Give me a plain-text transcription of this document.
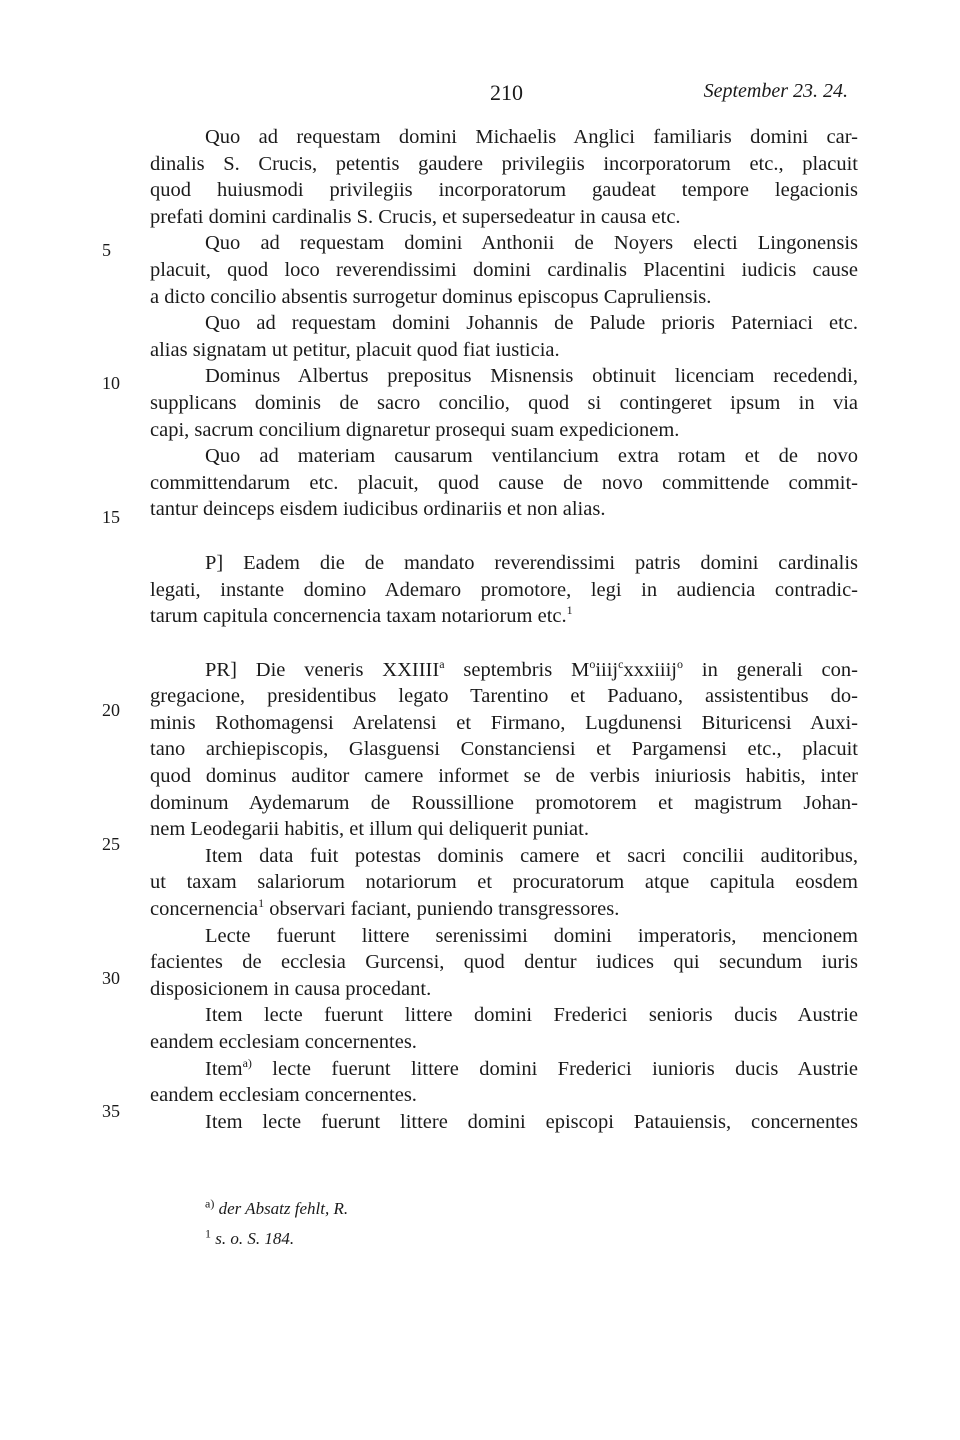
210	September 23. 24.
5
10
15
20
25
30
35
Quo ad requestam domini Michaelis Anglici familiaris domini car-
dinalis S. Crucis, petentis gaudere privilegiis incorporatorum etc., placuit
quod huiusmodi privilegiis incorporatorum gaudeat tempore legacionis
prefati domini cardinalis S. Crucis, et supersedeatur in causa etc.
Quo ad requestam domini Anthonii de Noyers electi Lingonensis
placuit, quod loco reverendissimi domini cardinalis Placentini iudicis cause
a dicto concilio absentis surrogetur dominus episcopus Capruliensis.
Quo ad requestam domini Johannis de Palude prioris Paterniaci etc.
alias signatam ut petitur, placuit quod fiat iusticia.
Dominus Albertus prepositus Misnensis obtinuit licenciam recedendi,
supplicans dominis de sacro concilio, quod si contingeret ipsum in via
capi, sacrum concilium dignaretur prosequi suam expedicionem.
Quo ad materiam causarum ventilancium extra rotam et de novo
committendarum etc. placuit, quod cause de novo committende commit-
tantur deinceps eisdem iudicibus ordinariis et non alias.
P] Eadem die de mandato reverendissimi patris domini cardinalis
legati, instante domino Ademaro promotore, legi in audiencia contradic-
tarum capitula concernencia taxam notariorum etc.$^1$
PR] Die veneris XXIIII$^a$ septembris $M^oiiij^cxxxiiij^o$ in generali con-
gregacione, presidentibus legato Tarentino et Paduano, assistentibus do-
minis Rothomagensi Arelatensi et Firmano, Lugdunensi Bituricensi Auxi-
tano archiepiscopis, Glasguensi Constanciensi et Pargamensi etc., placuit
quod dominus auditor camere informet se de verbis iniuriosis habitis, inter
dominum Aydemarum de Roussillione promotorem et magistrum Johan-
nem Leodegarii habitis, et illum qui deliquerit puniat.
Item data fuit potestas dominis camere et sacri concilii auditoribus,
ut taxam salariorum notariorum et procuratorum atque capitula eosdem
concernencia$^1$ observari faciant, puniendo transgressores.
Lecte fuerunt littere serenissimi domini imperatoris, mencionem
facientes de ecclesia Gurcensi, quod dentur iudices qui secundum iuris
disposicionem in causa procedant.
Item lecte fuerunt littere domini Frederici senioris ducis Austrie
eandem ecclesiam concernentes.
Item$^{a)}$ lecte fuerunt littere domini Frederici iunioris ducis Austrie
eandem ecclesiam concernentes.
Item lecte fuerunt littere domini episcopi Patauiensis, concernentes
$^{a)}$ der Absatz fehlt, R.
$^1$ s. o. S. 184.
